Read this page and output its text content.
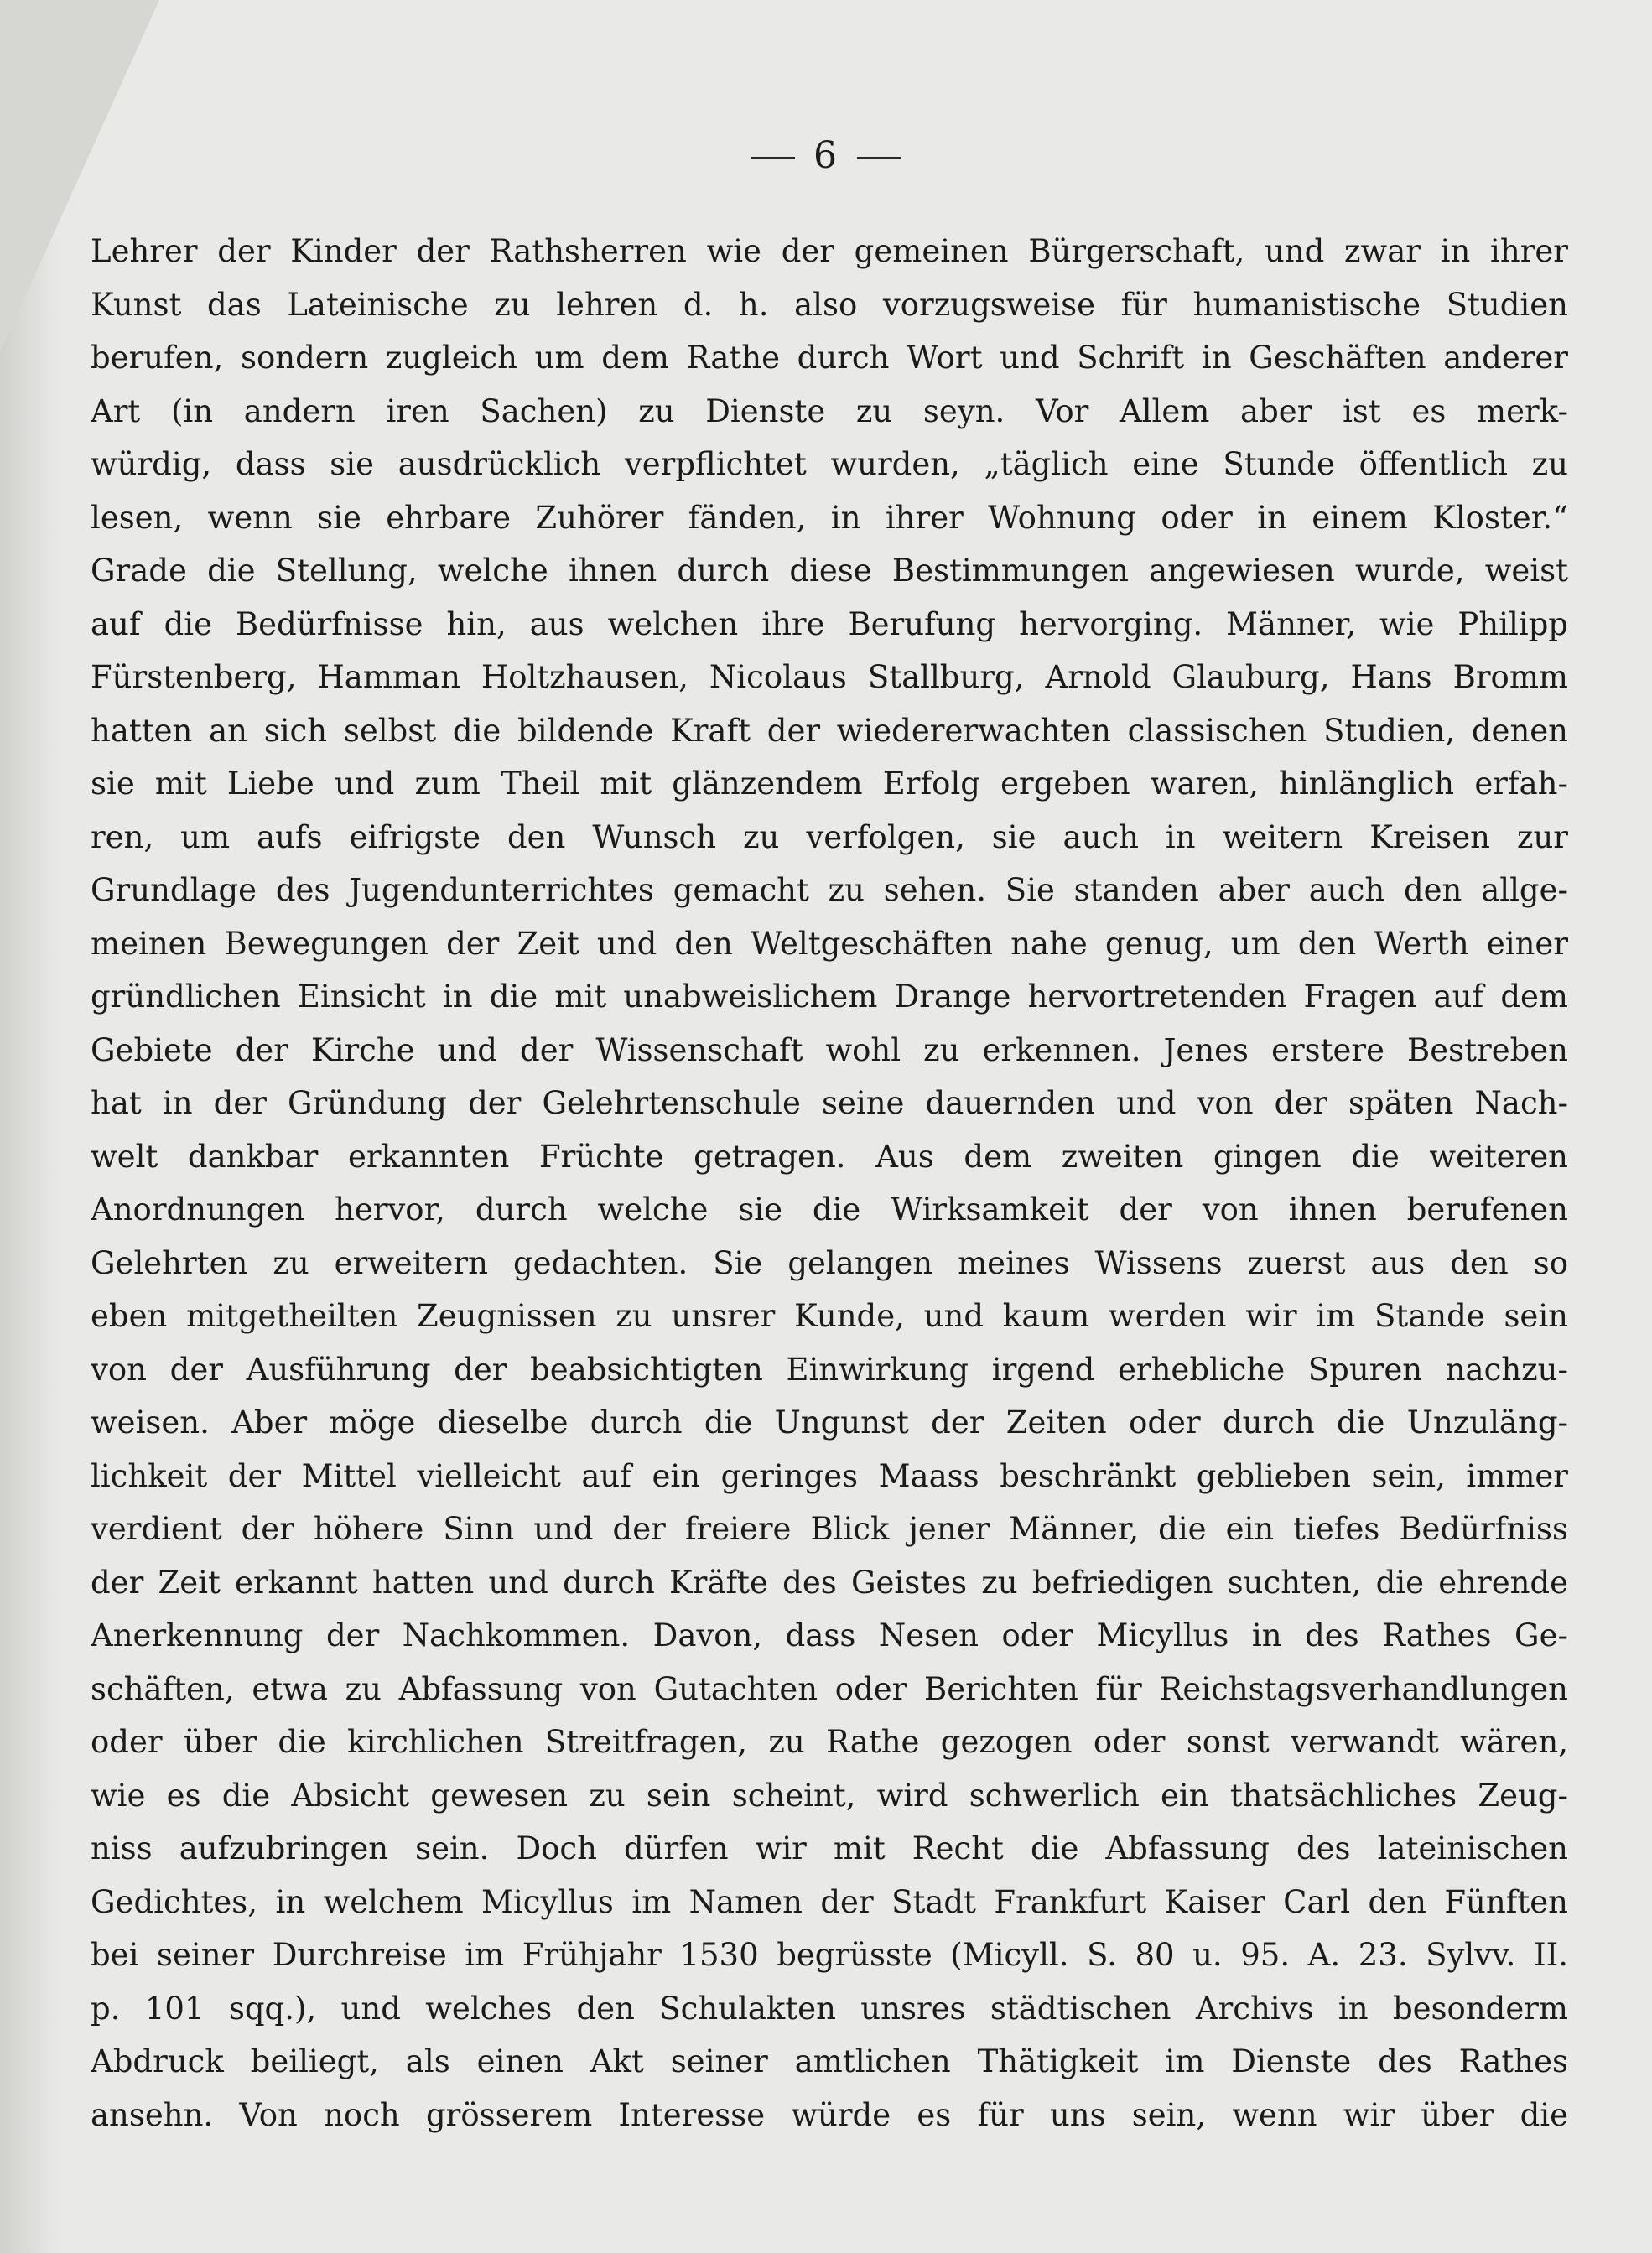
6
Lehrer der Kinder der Rathsherren wie der gemeinen Bürgerschaft, und zwar in ihrer
Kunst das Lateinische zu lehren d. h. also vorzugsweise für humanistische Studien
berufen, sondern zugleich um dem Rathe durch Wort und Schrift in Geschäften anderer
Art (in andern iren Sachen) zu Dienste zu seyn. Vor Allem aber ist es merk-
würdig, dass sie ausdrücklich verpflichtet wurden, „täglich eine Stunde öffentlich zu
lesen, wenn sie ehrbare Zuhörer fänden, in ihrer Wohnung oder in einem Kloster.“
Grade die Stellung, welche ihnen durch diese Bestimmungen angewiesen wurde, weist
auf die Bedürfnisse hin, aus welchen ihre Berufung hervorging. Männer, wie Philipp
Fürstenberg, Hamman Holtzhausen, Nicolaus Stallburg, Arnold Glauburg, Hans Bromm
hatten an sich selbst die bildende Kraft der wiedererwachten classischen Studien, denen
sie mit Liebe und zum Theil mit glänzendem Erfolg ergeben waren, hinlänglich erfah-
ren, um aufs eifrigste den Wunsch zu verfolgen, sie auch in weitern Kreisen zur
Grundlage des Jugendunterrichtes gemacht zu sehen. Sie standen aber auch den allge-
meinen Bewegungen der Zeit und den Weltgeschäften nahe genug, um den Werth einer
gründlichen Einsicht in die mit unabweislichem Drange hervortretenden Fragen auf dem
Gebiete der Kirche und der Wissenschaft wohl zu erkennen. Jenes erstere Bestreben
hat in der Gründung der Gelehrtenschule seine dauernden und von der späten Nach-
welt dankbar erkannten Früchte getragen. Aus dem zweiten gingen die weiteren
Anordnungen hervor, durch welche sie die Wirksamkeit der von ihnen berufenen
Gelehrten zu erweitern gedachten. Sie gelangen meines Wissens zuerst aus den so
eben mitgetheilten Zeugnissen zu unsrer Kunde, und kaum werden wir im Stande sein
von der Ausführung der beabsichtigten Einwirkung irgend erhebliche Spuren nachzu-
weisen. Aber möge dieselbe durch die Ungunst der Zeiten oder durch die Unzuläng-
lichkeit der Mittel vielleicht auf ein geringes Maass beschränkt geblieben sein, immer
verdient der höhere Sinn und der freiere Blick jener Männer, die ein tiefes Bedürfniss
der Zeit erkannt hatten und durch Kräfte des Geistes zu befriedigen suchten, die ehrende
Anerkennung der Nachkommen. Davon, dass Nesen oder Micyllus in des Rathes Ge-
schäften, etwa zu Abfassung von Gutachten oder Berichten für Reichstagsverhandlungen
oder über die kirchlichen Streitfragen, zu Rathe gezogen oder sonst verwandt wären,
wie es die Absicht gewesen zu sein scheint, wird schwerlich ein thatsächliches Zeug-
niss aufzubringen sein. Doch dürfen wir mit Recht die Abfassung des lateinischen
Gedichtes, in welchem Micyllus im Namen der Stadt Frankfurt Kaiser Carl den Fünften
bei seiner Durchreise im Frühjahr 1530 begrüsste (Micyll. S. 80 u. 95. A. 23. Sylvv. II.
p. 101 sqq.), und welches den Schulakten unsres städtischen Archivs in besonderm
Abdruck beiliegt, als einen Akt seiner amtlichen Thätigkeit im Dienste des Rathes
ansehn. Von noch grösserem Interesse würde es für uns sein, wenn wir über die
